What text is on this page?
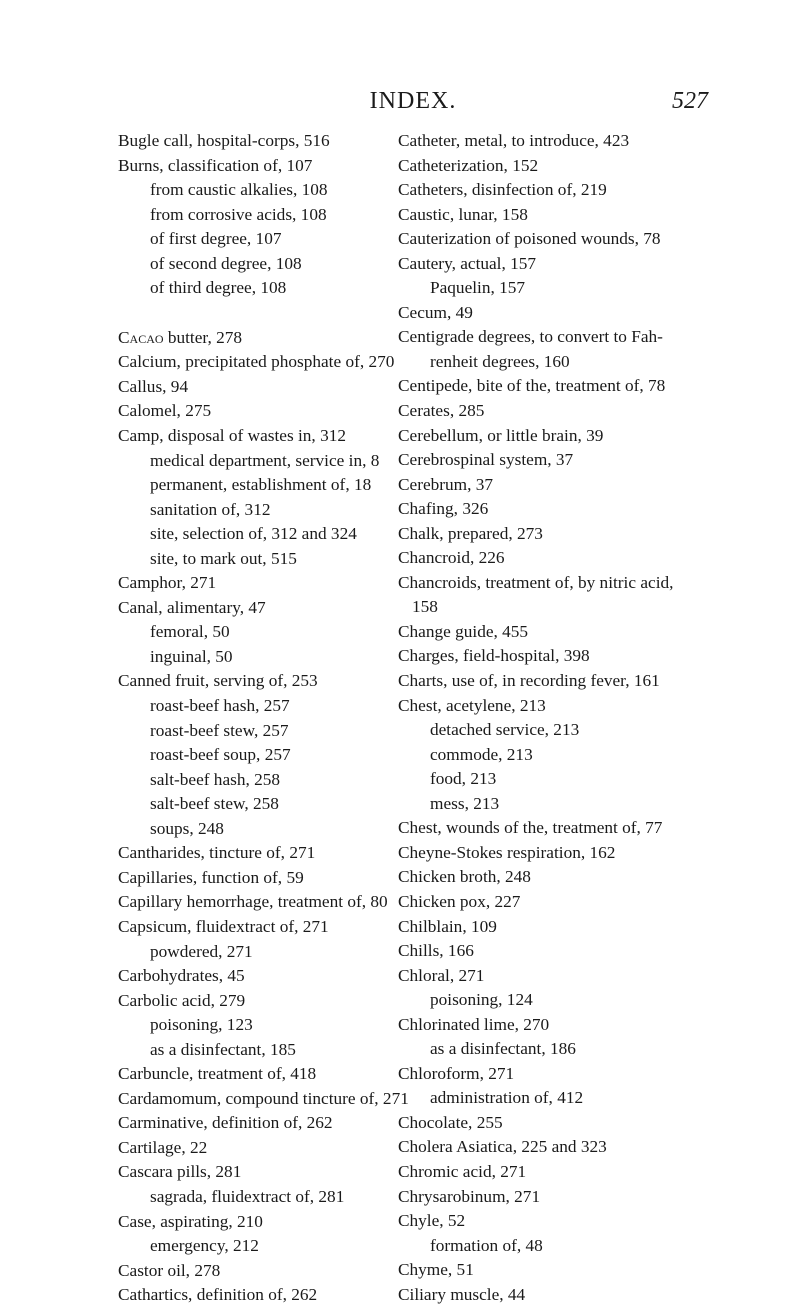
INDEX.	527
Bugle call, hospital-corps, 516
Burns, classification of, 107
from caustic alkalies, 108
from corrosive acids, 108
of first degree, 107
of second degree, 108
of third degree, 108
Cacao butter, 278
Calcium, precipitated phosphate of, 270
Callus, 94
Calomel, 275
Camp, disposal of wastes in, 312
medical department, service in, 8
permanent, establishment of, 18
sanitation of, 312
site, selection of, 312 and 324
site, to mark out, 515
Camphor, 271
Canal, alimentary, 47
femoral, 50
inguinal, 50
Canned fruit, serving of, 253
roast-beef hash, 257
roast-beef stew, 257
roast-beef soup, 257
salt-beef hash, 258
salt-beef stew, 258
soups, 248
Cantharides, tincture of, 271
Capillaries, function of, 59
Capillary hemorrhage, treatment of, 80
Capsicum, fluidextract of, 271
powdered, 271
Carbohydrates, 45
Carbolic acid, 279
poisoning, 123
as a disinfectant, 185
Carbuncle, treatment of, 418
Cardamomum, compound tincture of, 271
Carminative, definition of, 262
Cartilage, 22
Cascara pills, 281
sagrada, fluidextract of, 281
Case, aspirating, 210
emergency, 212
Castor oil, 278
Cathartics, definition of, 262
Catheter, metal, to introduce, 423
Catheterization, 152
Catheters, disinfection of, 219
Caustic, lunar, 158
Cauterization of poisoned wounds, 78
Cautery, actual, 157
Paquelin, 157
Cecum, 49
Centigrade degrees, to convert to Fah-
renheit degrees, 160
Centipede, bite of the, treatment of, 78
Cerates, 285
Cerebellum, or little brain, 39
Cerebrospinal system, 37
Cerebrum, 37
Chafing, 326
Chalk, prepared, 273
Chancroid, 226
Chancroids, treatment of, by nitric acid,
158
Change guide, 455
Charges, field-hospital, 398
Charts, use of, in recording fever, 161
Chest, acetylene, 213
detached service, 213
commode, 213
food, 213
mess, 213
Chest, wounds of the, treatment of, 77
Cheyne-Stokes respiration, 162
Chicken broth, 248
Chicken pox, 227
Chilblain, 109
Chills, 166
Chloral, 271
poisoning, 124
Chlorinated lime, 270
as a disinfectant, 186
Chloroform, 271
administration of, 412
Chocolate, 255
Cholera Asiatica, 225 and 323
Chromic acid, 271
Chrysarobinum, 271
Chyle, 52
formation of, 48
Chyme, 51
Ciliary muscle, 44
